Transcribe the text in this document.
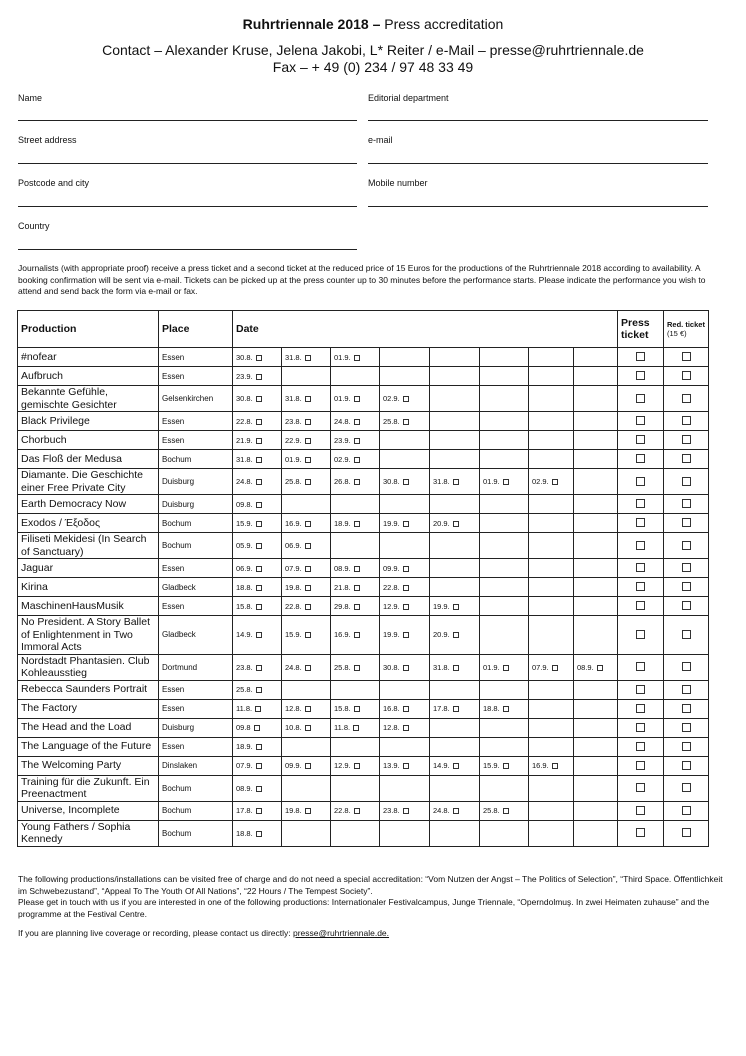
Ruhrtriennale 2018 – Press accreditation
Contact – Alexander Kruse, Jelena Jakobi, L* Reiter / e-Mail – presse@ruhrtriennale.de
Fax – + 49 (0) 234 / 97 48 33 49
Name	Editorial department
Street address	e-mail
Postcode and city	Mobile number
Country
Journalists (with appropriate proof) receive a press ticket and a second ticket at the reduced price of 15 Euros for the productions of the Ruhrtriennale 2018 according to availability. A booking confirmation will be sent via e-mail. Tickets can be picked up at the press counter up to 30 minutes before the performance starts. Please indicate the performance you wish to attend and send back the form via e-mail or fax.
Production	Place	Date								Press ticket	Red. ticket
(15 €)
#nofear	Essen	30.8.	31.8.	01.9.							
Aufbruch	Essen	23.9.									
Bekannte Gefühle, gemischte Gesichter	Gelsenkirchen	30.8.	31.8.	01.9.	02.9.						
Black Privilege	Essen	22.8.	23.8.	24.8.	25.8.						
Chorbuch	Essen	21.9.	22.9.	23.9.							
Das Floß der Medusa	Bochum	31.8.	01.9.	02.9.							
Diamante. Die Geschichte einer Free Private City	Duisburg	24.8.	25.8.	26.8.	30.8.	31.8.	01.9.	02.9.			
Earth Democracy Now	Duisburg	09.8.									
Exodos / Έξοδος	Bochum	15.9.	16.9.	18.9.	19.9.	20.9.					
Filiseti Mekidesi (In Search of Sanctuary)	Bochum	05.9.	06.9.								
Jaguar	Essen	06.9.	07.9.	08.9.	09.9.						
Kirina	Gladbeck	18.8.	19.8.	21.8.	22.8.						
MaschinenHausMusik	Essen	15.8.	22.8.	29.8.	12.9.	19.9.					
No President. A Story Ballet of Enlightenment in Two Immoral Acts	Gladbeck	14.9.	15.9.	16.9.	19.9.	20.9.					
Nordstadt Phantasien. Club Kohleausstieg	Dortmund	23.8.	24.8.	25.8.	30.8.	31.8.	01.9.	07.9.	08.9.		
Rebecca Saunders Portrait	Essen	25.8.									
The Factory	Essen	11.8.	12.8.	15.8.	16.8.	17.8.	18.8.				
The Head and the Load	Duisburg	09.8	10.8.	11.8.	12.8.						
The Language of the Future	Essen	18.9.									
The Welcoming Party	Dinslaken	07.9.	09.9.	12.9.	13.9.	14.9.	15.9.	16.9.			
Training für die Zukunft. Ein Preenactment	Bochum	08.9.									
Universe, Incomplete	Bochum	17.8.	19.8.	22.8.	23.8.	24.8.	25.8.				
Young Fathers / Sophia Kennedy	Bochum	18.8.									

The following productions/installations can be visited free of charge and do not need a special accreditation: “Vom Nutzen der Angst – The Politics of Selection”, “Third Space. Öffentlichkeit im Schwebezustand”, “Appeal To The Youth Of All Nations”, “22 Hours / The Tempest Society”.

Please get in touch with us if you are interested in one of the following productions: Internationaler Festivalcampus, Junge Triennale, “Operndolmuş. In zwei Heimaten zuhause” and the programme at the Festival Centre.

If you are planning live coverage or recording, please contact us directly: presse@ruhrtriennale.de.
